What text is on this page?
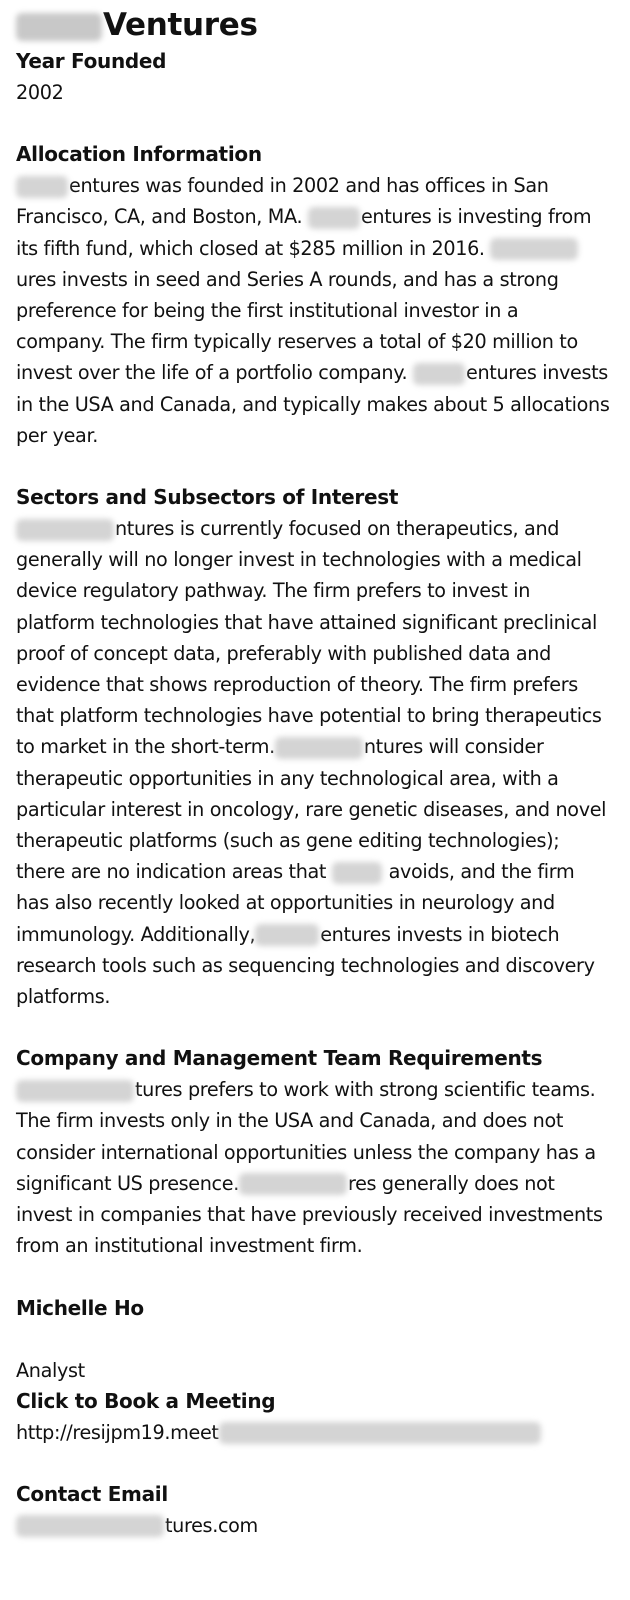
Ventures
Year Founded

2002

Allocation Information

entures was founded in 2002 and has offices in San Francisco, CA, and Boston, MA.	entures is investing from its fifth fund, which closed at $285 million in 2016. ures invests in seed and Series A rounds, and has a strong preference for being the first institutional investor in a company. The firm typically reserves a total of $20 million to invest over the life of a portfolio company.	entures invests in the USA and Canada, and typically makes about 5 allocations per year.

Sectors and Subsectors of Interest

ntures is currently focused on therapeutics, and generally will no longer invest in technologies with a medical device regulatory pathway. The firm prefers to invest in platform technologies that have attained significant preclinical proof of concept data, preferably with published data and evidence that shows reproduction of theory. The firm prefers that platform technologies have potential to bring therapeutics to market in the short-term.	ntures will consider therapeutic opportunities in any technological area, with a particular interest in oncology, rare genetic diseases, and novel therapeutic platforms (such as gene editing technologies); there are no indication areas that	avoids, and the firm has also recently looked at opportunities in neurology and immunology. Additionally,	entures invests in biotech research tools such as sequencing technologies and discovery platforms.

Company and Management Team Requirements

tures prefers to work with strong scientific teams. The firm invests only in the USA and Canada, and does not consider international opportunities unless the company has a significant US presence.	res generally does not invest in companies that have previously received investments from an institutional investment firm.

Michelle Ho

Analyst

Click to Book a Meeting

http://resijpm19.meet

Contact Email

tures.com
